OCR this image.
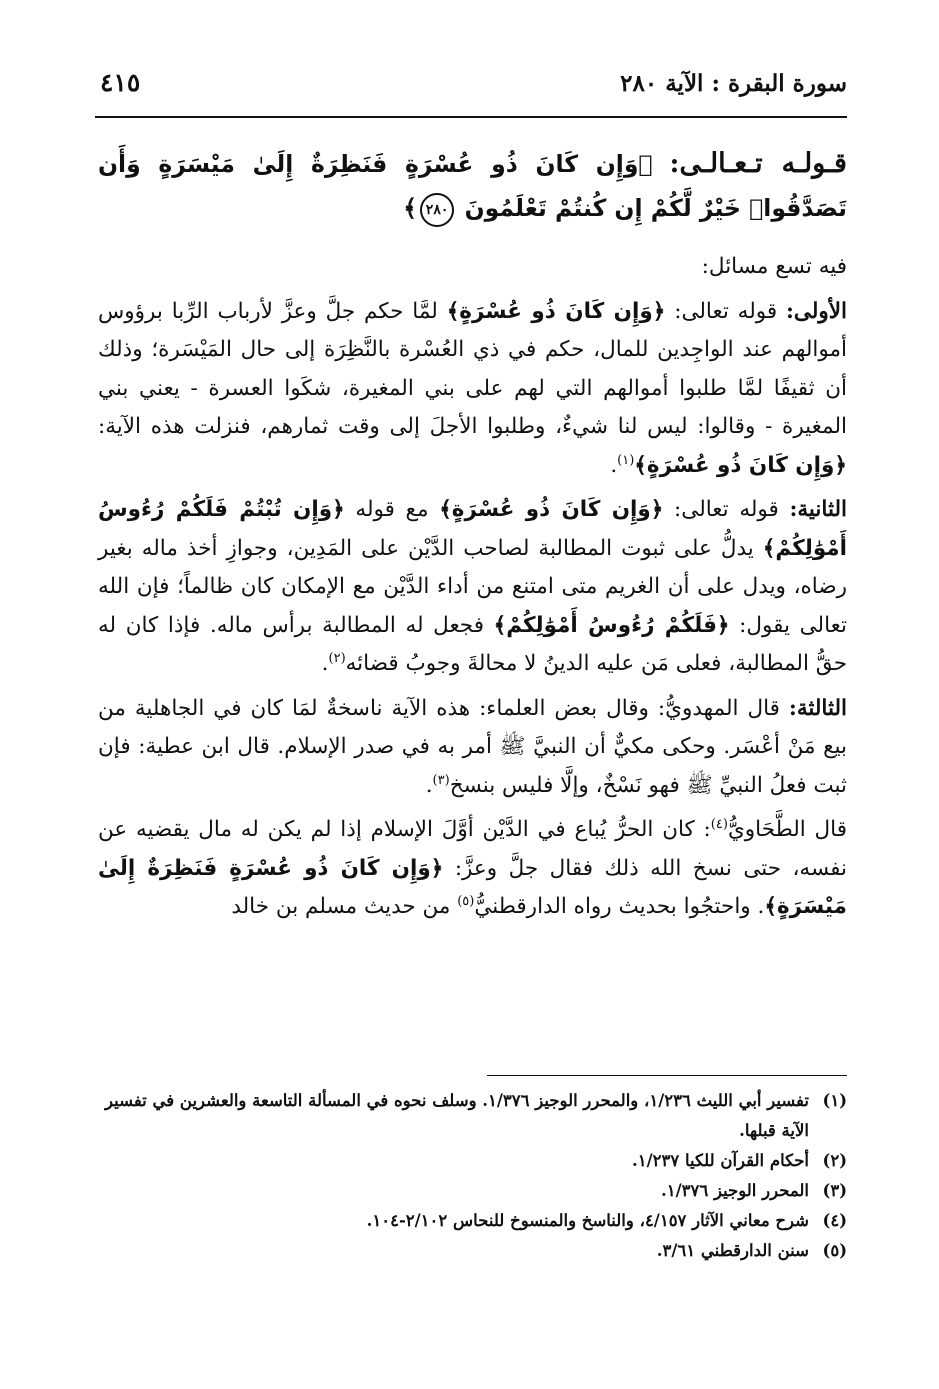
سورة البقرة : الآية ٢٨٠
٤١٥

قـولـه تـعـالـى: ﴿وَإِن كَانَ ذُو عُسْرَةٍ فَنَظِرَةٌ إِلَىٰ مَيْسَرَةٍ وَأَن تَصَدَّقُوا۟ خَيْرٌ لَّكُمْ إِن كُنتُمْ تَعْلَمُونَ ٢٨٠﴾

فيه تسع مسائل:

الأولى: قوله تعالى: ﴿وَإِن كَانَ ذُو عُسْرَةٍ﴾ لمَّا حكم جلَّ وعزَّ لأرباب الرِّبا برؤوس أموالهم عند الواجِدين للمال، حكم في ذي العُسْرة بالنَّظِرَة إلى حال المَيْسَرة؛ وذلك أن ثقيفًا لمَّا طلبوا أموالهم التي لهم على بني المغيرة، شكَوا العسرة - يعني بني المغيرة - وقالوا: ليس لنا شيءٌ، وطلبوا الأجلَ إلى وقت ثمارهم، فنزلت هذه الآية: ﴿وَإِن كَانَ ذُو عُسْرَةٍ﴾$^{(١)}$.

الثانية: قوله تعالى: ﴿وَإِن كَانَ ذُو عُسْرَةٍ﴾ مع قوله ﴿وَإِن تُبْتُمْ فَلَكُمْ رُءُوسُ أَمْوَٰلِكُمْ﴾ يدلُّ على ثبوت المطالبة لصاحب الدَّيْن على المَدِين، وجوازِ أخذ ماله بغير رضاه، ويدل على أن الغريم متى امتنع من أداء الدَّيْن مع الإمكان كان ظالماً؛ فإن الله تعالى يقول: ﴿فَلَكُمْ رُءُوسُ أَمْوَٰلِكُمْ﴾ فجعل له المطالبة برأس ماله. فإذا كان له حقُّ المطالبة، فعلى مَن عليه الدينُ لا محالةَ وجوبُ قضائه$^{(٢)}$.

الثالثة: قال المهدويُّ: وقال بعض العلماء: هذه الآية ناسخةٌ لمَا كان في الجاهلية من بيع مَنْ أعْسَر. وحكى مكيٌّ أن النبيَّ ﷺ أمر به في صدر الإسلام. قال ابن عطية: فإن ثبت فعلُ النبيِّ ﷺ فهو نَسْخٌ، وإلَّا فليس بنسخ$^{(٣)}$.

قال الطَّحَاويُّ$^{(٤)}$: كان الحرُّ يُباع في الدَّيْن أوَّلَ الإسلام إذا لم يكن له مال يقضيه عن نفسه، حتى نسخ الله ذلك فقال جلَّ وعزَّ: ﴿وَإِن كَانَ ذُو عُسْرَةٍ فَنَظِرَةٌ إِلَىٰ مَيْسَرَةٍ﴾. واحتجُوا بحديث رواه الدارقطنيُّ$^{(٥)}$ من حديث مسلم بن خالد

(١)
تفسير أبي الليث ١/٢٣٦، والمحرر الوجيز ١/٣٧٦. وسلف نحوه في المسألة التاسعة والعشرين في تفسير الآية قبلها.
(٢)
أحكام القرآن للكيا ١/٢٣٧.
(٣)
المحرر الوجيز ١/٣٧٦.
(٤)
شرح معاني الآثار ٤/١٥٧، والناسخ والمنسوخ للنحاس ٢/١٠٢-١٠٤.
(٥)
سنن الدارقطني ٣/٦١.
